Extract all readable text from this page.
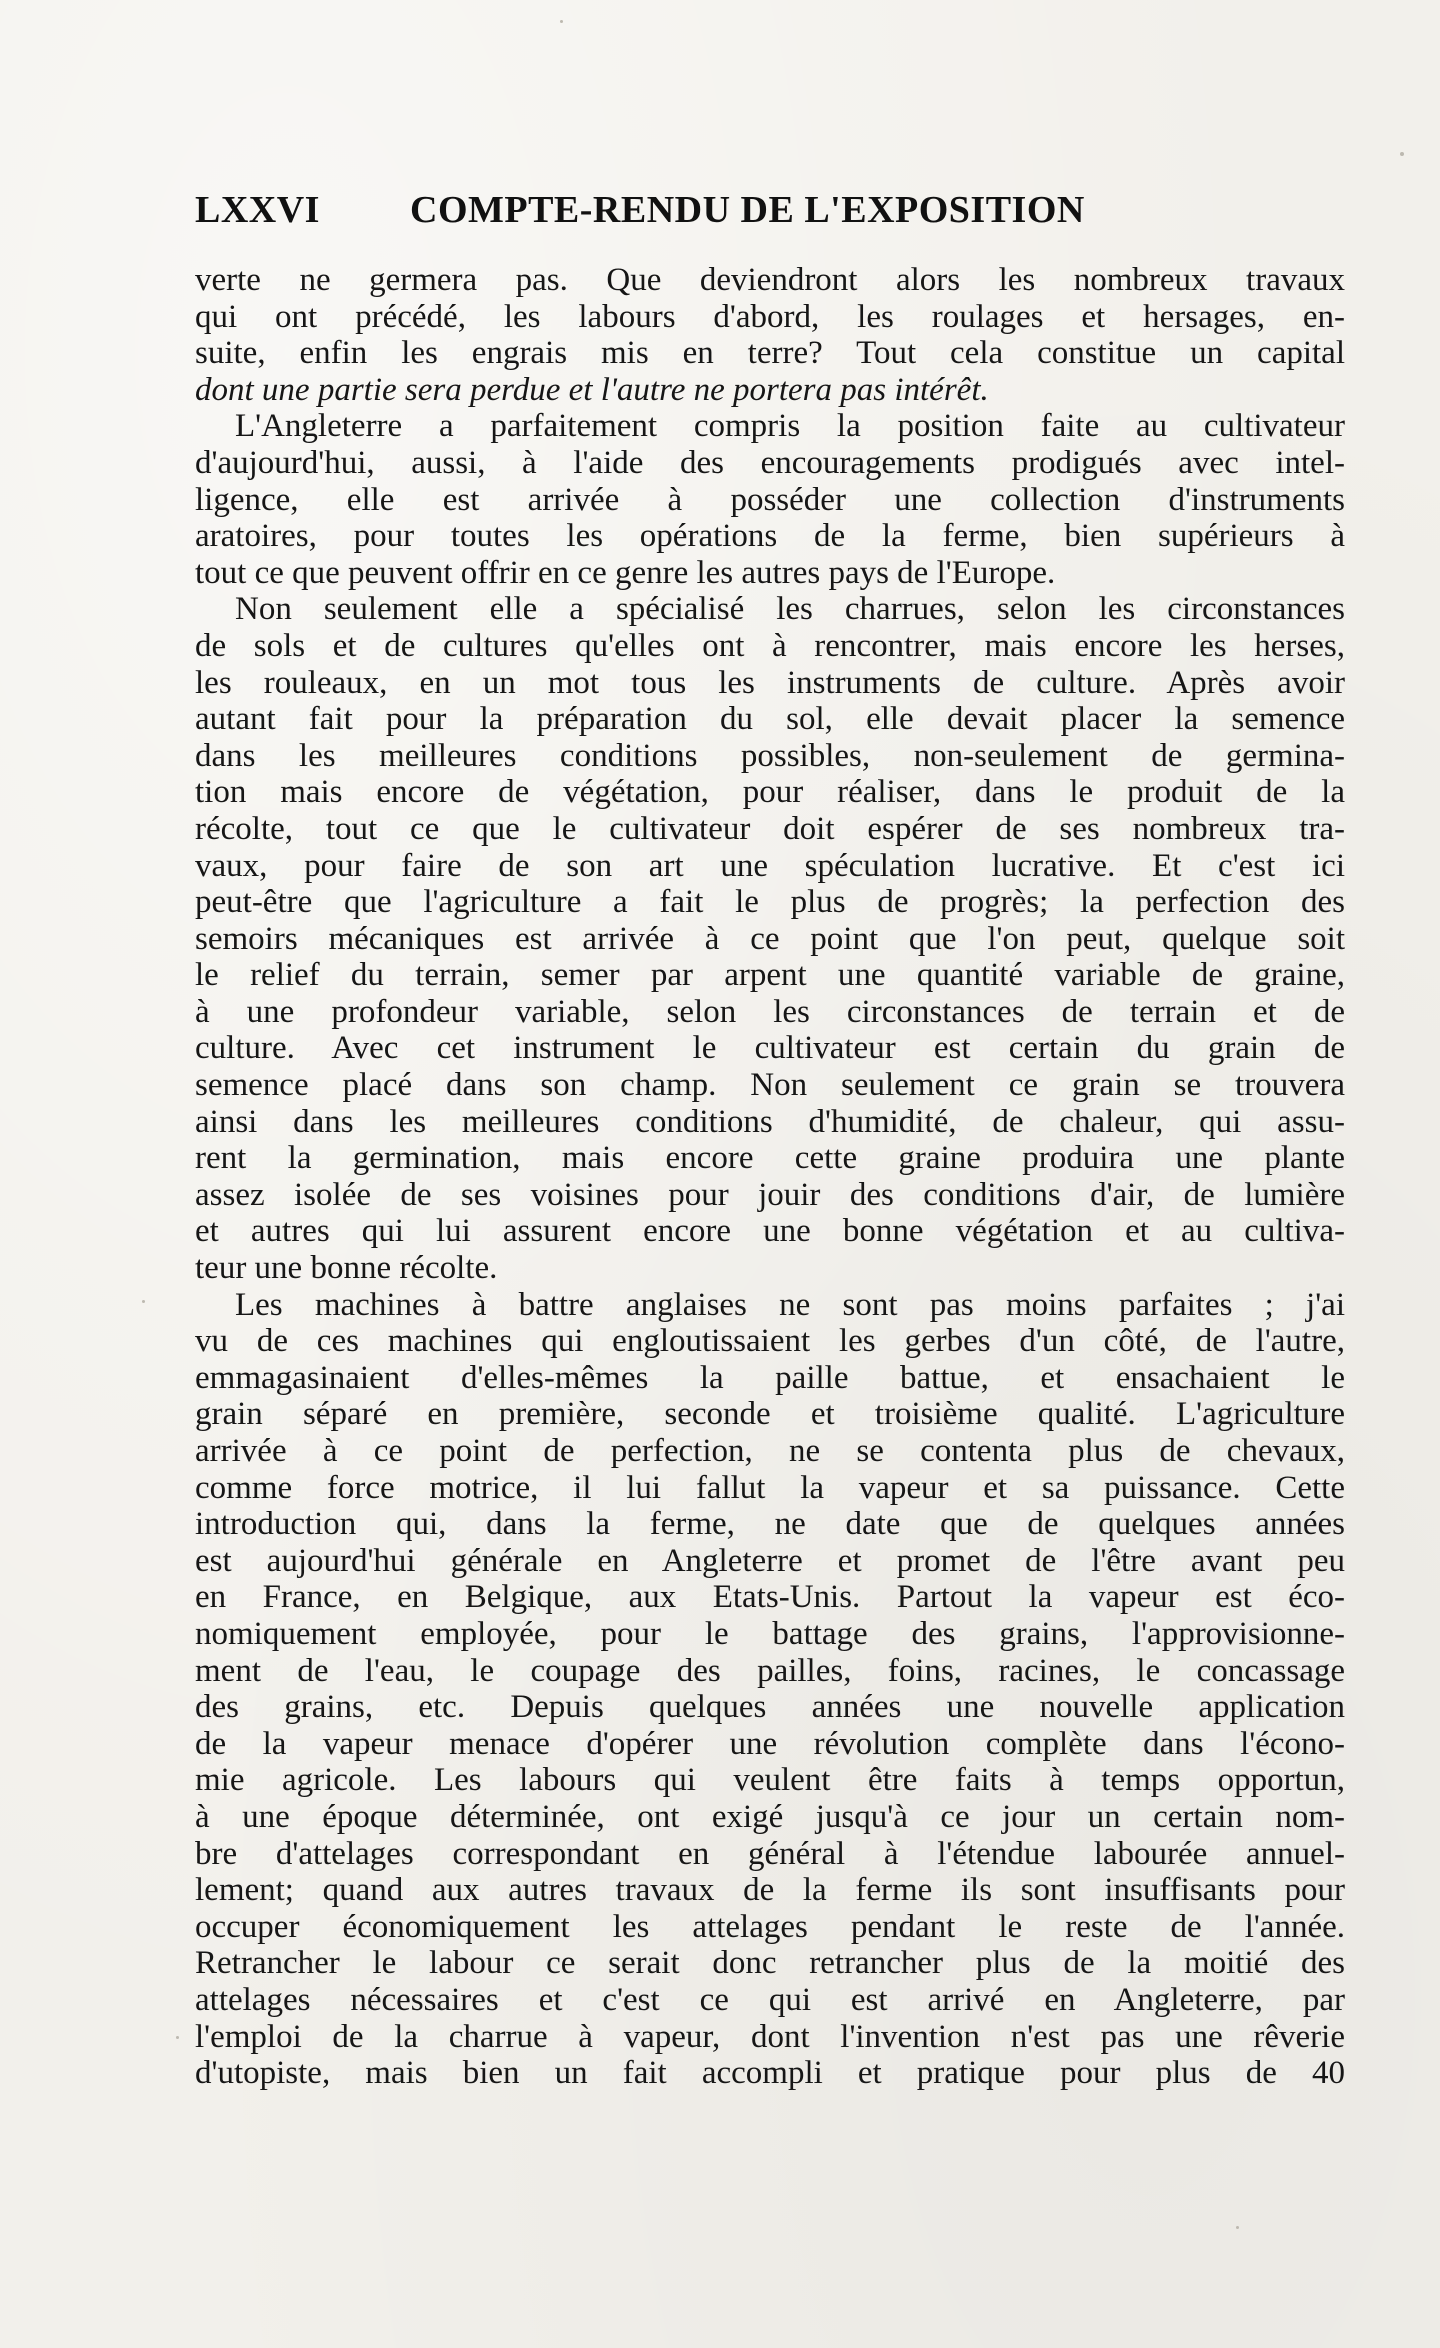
LXXVI COMPTE-RENDU DE L'EXPOSITION
verte ne germera pas. Que deviendront alors les nombreux travaux
qui ont précédé, les labours d'abord, les roulages et hersages, en-
suite, enfin les engrais mis en terre? Tout cela constitue un capital
dont une partie sera perdue et l'autre ne portera pas intérêt.
L'Angleterre a parfaitement compris la position faite au cultivateur
d'aujourd'hui, aussi, à l'aide des encouragements prodigués avec intel-
ligence, elle est arrivée à posséder une collection d'instruments
aratoires, pour toutes les opérations de la ferme, bien supérieurs à
tout ce que peuvent offrir en ce genre les autres pays de l'Europe.
Non seulement elle a spécialisé les charrues, selon les circonstances
de sols et de cultures qu'elles ont à rencontrer, mais encore les herses,
les rouleaux, en un mot tous les instruments de culture. Après avoir
autant fait pour la préparation du sol, elle devait placer la semence
dans les meilleures conditions possibles, non-seulement de germina-
tion mais encore de végétation, pour réaliser, dans le produit de la
récolte, tout ce que le cultivateur doit espérer de ses nombreux tra-
vaux, pour faire de son art une spéculation lucrative. Et c'est ici
peut-être que l'agriculture a fait le plus de progrès; la perfection des
semoirs mécaniques est arrivée à ce point que l'on peut, quelque soit
le relief du terrain, semer par arpent une quantité variable de graine,
à une profondeur variable, selon les circonstances de terrain et de
culture. Avec cet instrument le cultivateur est certain du grain de
semence placé dans son champ. Non seulement ce grain se trouvera
ainsi dans les meilleures conditions d'humidité, de chaleur, qui assu-
rent la germination, mais encore cette graine produira une plante
assez isolée de ses voisines pour jouir des conditions d'air, de lumière
et autres qui lui assurent encore une bonne végétation et au cultiva-
teur une bonne récolte.
Les machines à battre anglaises ne sont pas moins parfaites ; j'ai
vu de ces machines qui engloutissaient les gerbes d'un côté, de l'autre,
emmagasinaient d'elles-mêmes la paille battue, et ensachaient le
grain séparé en première, seconde et troisième qualité. L'agriculture
arrivée à ce point de perfection, ne se contenta plus de chevaux,
comme force motrice, il lui fallut la vapeur et sa puissance. Cette
introduction qui, dans la ferme, ne date que de quelques années
est aujourd'hui générale en Angleterre et promet de l'être avant peu
en France, en Belgique, aux Etats-Unis. Partout la vapeur est éco-
nomiquement employée, pour le battage des grains, l'approvisionne-
ment de l'eau, le coupage des pailles, foins, racines, le concassage
des grains, etc. Depuis quelques années une nouvelle application
de la vapeur menace d'opérer une révolution complète dans l'écono-
mie agricole. Les labours qui veulent être faits à temps opportun,
à une époque déterminée, ont exigé jusqu'à ce jour un certain nom-
bre d'attelages correspondant en général à l'étendue labourée annuel-
lement; quand aux autres travaux de la ferme ils sont insuffisants pour
occuper économiquement les attelages pendant le reste de l'année.
Retrancher le labour ce serait donc retrancher plus de la moitié des
attelages nécessaires et c'est ce qui est arrivé en Angleterre, par
l'emploi de la charrue à vapeur, dont l'invention n'est pas une rêverie
d'utopiste, mais bien un fait accompli et pratique pour plus de 40
